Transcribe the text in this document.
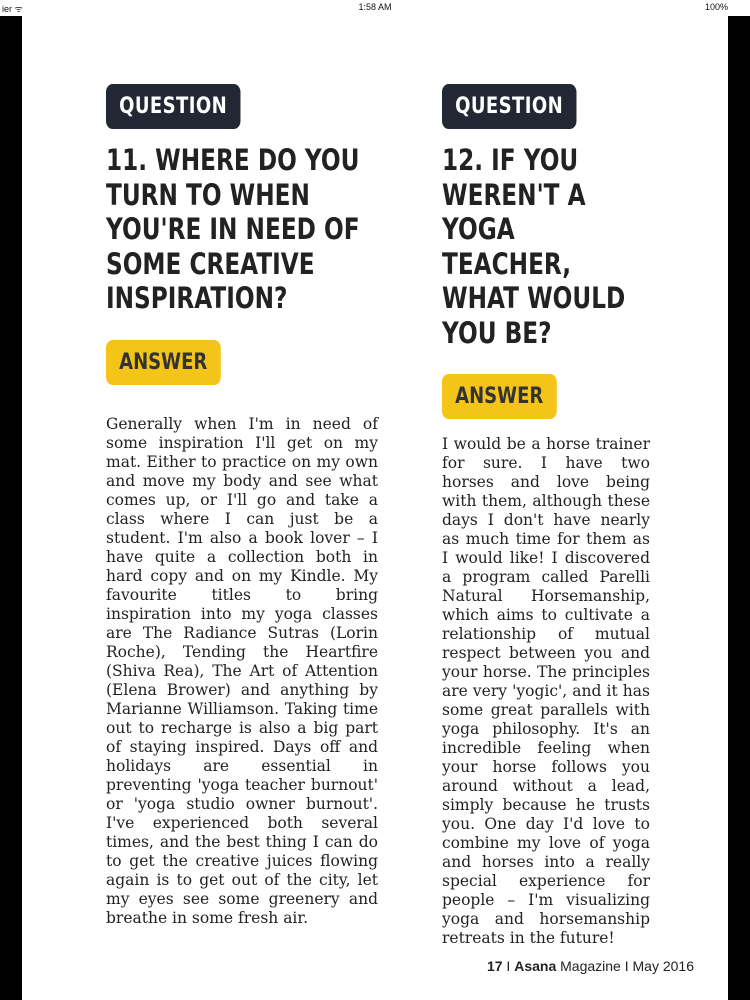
ier ᯤ	1:58 AM	100%
QUESTION
11. WHERE DO YOU TURN TO WHEN YOU'RE IN NEED OF SOME CREATIVE INSPIRATION?
ANSWER
Generally when I'm in need of some inspiration I'll get on my mat. Either to practice on my own and move my body and see what comes up, or I'll go and take a class where I can just be a student. I'm also a book lover – I have quite a collection both in hard copy and on my Kindle. My favourite titles to bring inspiration into my yoga classes are The Radiance Sutras (Lorin Roche), Tending the Heartfire (Shiva Rea), The Art of Attention (Elena Brower) and anything by Marianne Williamson. Taking time out to recharge is also a big part of staying inspired. Days off and holidays are essential in preventing 'yoga teacher burnout' or 'yoga studio owner burnout'. I've experienced both several times, and the best thing I can do to get the creative juices flowing again is to get out of the city, let my eyes see some greenery and breathe in some fresh air.
QUESTION
12. IF YOU WEREN'T A YOGA TEACHER, WHAT WOULD YOU BE?
ANSWER
I would be a horse trainer for sure. I have two horses and love being with them, although these days I don't have nearly as much time for them as I would like! I discovered a program called Parelli Natural Horsemanship, which aims to cultivate a relationship of mutual respect between you and your horse. The principles are very 'yogic', and it has some great parallels with yoga philosophy. It's an incredible feeling when your horse follows you around without a lead, simply because he trusts you. One day I'd love to combine my love of yoga and horses into a really special experience for people – I'm visualizing yoga and horsemanship retreats in the future!
17 I Asana Magazine I May 2016
